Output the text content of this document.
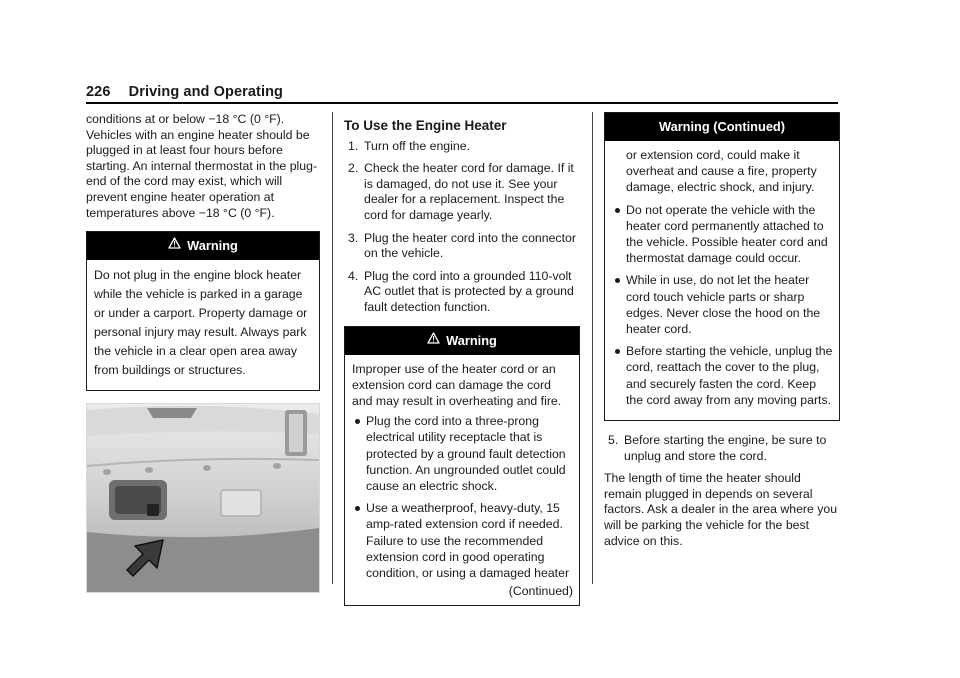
226 Driving and Operating

conditions at or below −18 °C (0 °F). Vehicles with an engine heater should be plugged in at least four hours before starting. An internal thermostat in the plug-end of the cord may exist, which will prevent engine heater operation at temperatures above −18 °C (0 °F).

Warning

Do not plug in the engine block heater while the vehicle is parked in a garage or under a carport. Property damage or personal injury may result. Always park the vehicle in a clear open area away from buildings or structures.

To Use the Engine Heater
1. Turn off the engine.
2. Check the heater cord for damage. If it is damaged, do not use it. See your dealer for a replacement. Inspect the cord for damage yearly.
3. Plug the heater cord into the connector on the vehicle.
4. Plug the cord into a grounded 110-volt AC outlet that is protected by a ground fault detection function.
Warning

Improper use of the heater cord or an extension cord can damage the cord and may result in overheating and fire.

Plug the cord into a three-prong electrical utility receptacle that is protected by a ground fault detection function. An ungrounded outlet could cause an electric shock.
Use a weatherproof, heavy-duty, 15 amp-rated extension cord if needed. Failure to use the recommended extension cord in good operating condition, or using a damaged heater
(Continued)
Warning (Continued)
or extension cord, could make it overheat and cause a fire, property damage, electric shock, and injury.
Do not operate the vehicle with the heater cord permanently attached to the vehicle. Possible heater cord and thermostat damage could occur.
While in use, do not let the heater cord touch vehicle parts or sharp edges. Never close the hood on the heater cord.
Before starting the vehicle, unplug the cord, reattach the cover to the plug, and securely fasten the cord. Keep the cord away from any moving parts.
5. Before starting the engine, be sure to unplug and store the cord.

The length of time the heater should remain plugged in depends on several factors. Ask a dealer in the area where you will be parking the vehicle for the best advice on this.
